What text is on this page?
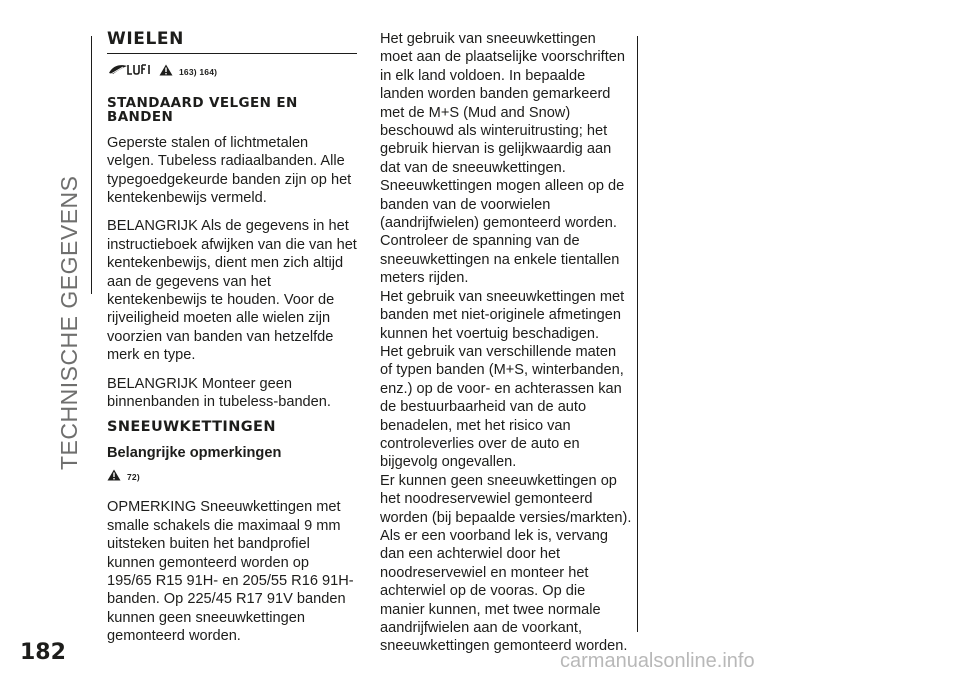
TECHNISCHE GEGEVENS
WIELEN
163) 164)
STANDAARD VELGEN EN
BANDEN

Geperste stalen of lichtmetalen velgen. Tubeless radiaalbanden. Alle typegoedgekeurde banden zijn op het kentekenbewijs vermeld.

BELANGRIJK Als de gegevens in het instructieboek afwijken van die van het kentekenbewijs, dient men zich altijd aan de gegevens van het kentekenbewijs te houden. Voor de rijveiligheid moeten alle wielen zijn voorzien van banden van hetzelfde merk en type.

BELANGRIJK Monteer geen binnenbanden in tubeless-banden.

SNEEUWKETTINGEN
Belangrijke opmerkingen
72)

OPMERKING Sneeuwkettingen met smalle schakels die maximaal 9 mm uitsteken buiten het bandprofiel kunnen gemonteerd worden op 195/65 R15 91H- en 205/55 R16 91H-banden. Op 225/45 R17 91V banden kunnen geen sneeuwkettingen gemonteerd worden.

Het gebruik van sneeuwkettingen moet aan de plaatselijke voorschriften in elk land voldoen. In bepaalde landen worden banden gemarkeerd met de M+S (Mud and Snow) beschouwd als winteruitrusting; het gebruik hiervan is gelijkwaardig aan dat van de sneeuwkettingen.

Sneeuwkettingen mogen alleen op de banden van de voorwielen (aandrijfwielen) gemonteerd worden. Controleer de spanning van de sneeuwkettingen na enkele tientallen meters rijden.

Het gebruik van sneeuwkettingen met banden met niet-originele afmetingen kunnen het voertuig beschadigen.

Het gebruik van verschillende maten of typen banden (M+S, winterbanden, enz.) op de voor- en achterassen kan de bestuurbaarheid van de auto benadelen, met het risico van controleverlies over de auto en bijgevolg ongevallen.

Er kunnen geen sneeuwkettingen op het noodreservewiel gemonteerd worden (bij bepaalde versies/markten). Als er een voorband lek is, vervang dan een achterwiel door het noodreservewiel en monteer het achterwiel op de vooras. Op die manier kunnen, met twee normale aandrijfwielen aan de voorkant, sneeuwkettingen gemonteerd worden.

182	carmanualsonline.info
